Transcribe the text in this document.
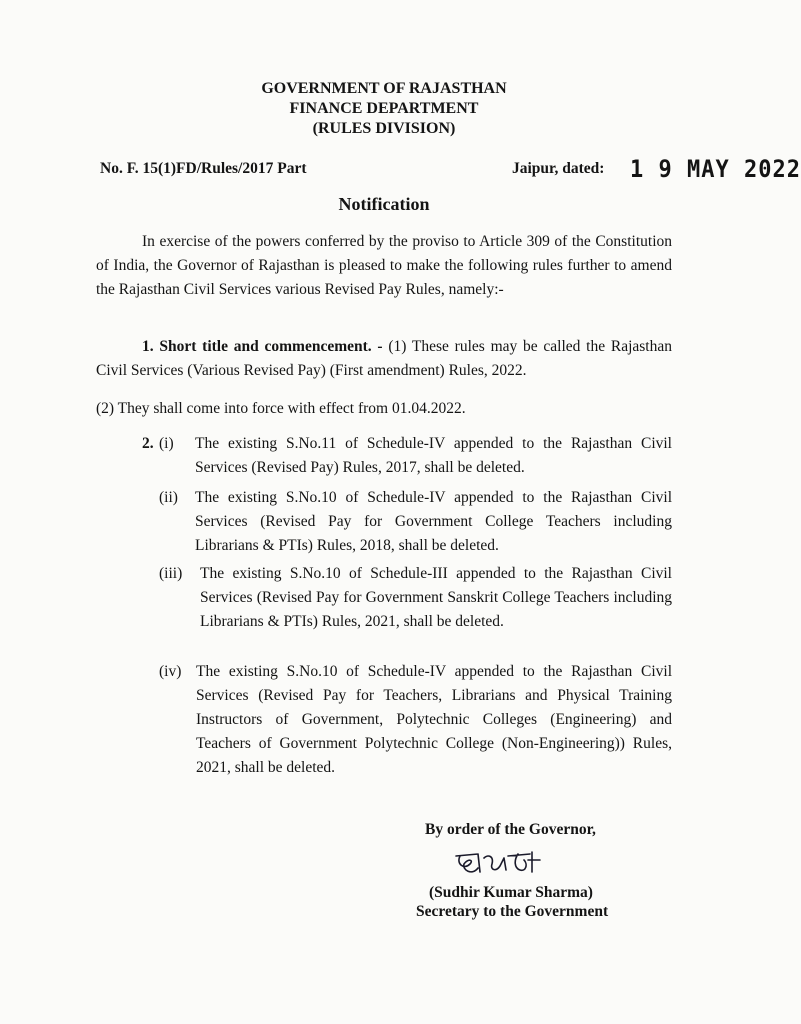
GOVERNMENT OF RAJASTHAN
FINANCE DEPARTMENT
(RULES DIVISION)
No. F. 15(1)FD/Rules/2017 Part	Jaipur, dated: 1 9 MAY 2022
Notification
In exercise of the powers conferred by the proviso to Article 309 of the Constitution of India, the Governor of Rajasthan is pleased to make the following rules further to amend the Rajasthan Civil Services various Revised Pay Rules, namely:-
1. Short title and commencement. - (1) These rules may be called the Rajasthan Civil Services (Various Revised Pay) (First amendment) Rules, 2022.
(2) They shall come into force with effect from 01.04.2022.
2. (i) The existing S.No.11 of Schedule-IV appended to the Rajasthan Civil Services (Revised Pay) Rules, 2017, shall be deleted.
(ii) The existing S.No.10 of Schedule-IV appended to the Rajasthan Civil Services (Revised Pay for Government College Teachers including Librarians & PTIs) Rules, 2018, shall be deleted.
(iii) The existing S.No.10 of Schedule-III appended to the Rajasthan Civil Services (Revised Pay for Government Sanskrit College Teachers including Librarians & PTIs) Rules, 2021, shall be deleted.
(iv) The existing S.No.10 of Schedule-IV appended to the Rajasthan Civil Services (Revised Pay for Teachers, Librarians and Physical Training Instructors of Government, Polytechnic Colleges (Engineering) and Teachers of Government Polytechnic College (Non-Engineering)) Rules, 2021, shall be deleted.
By order of the Governor,
(Sudhir Kumar Sharma)
Secretary to the Government
